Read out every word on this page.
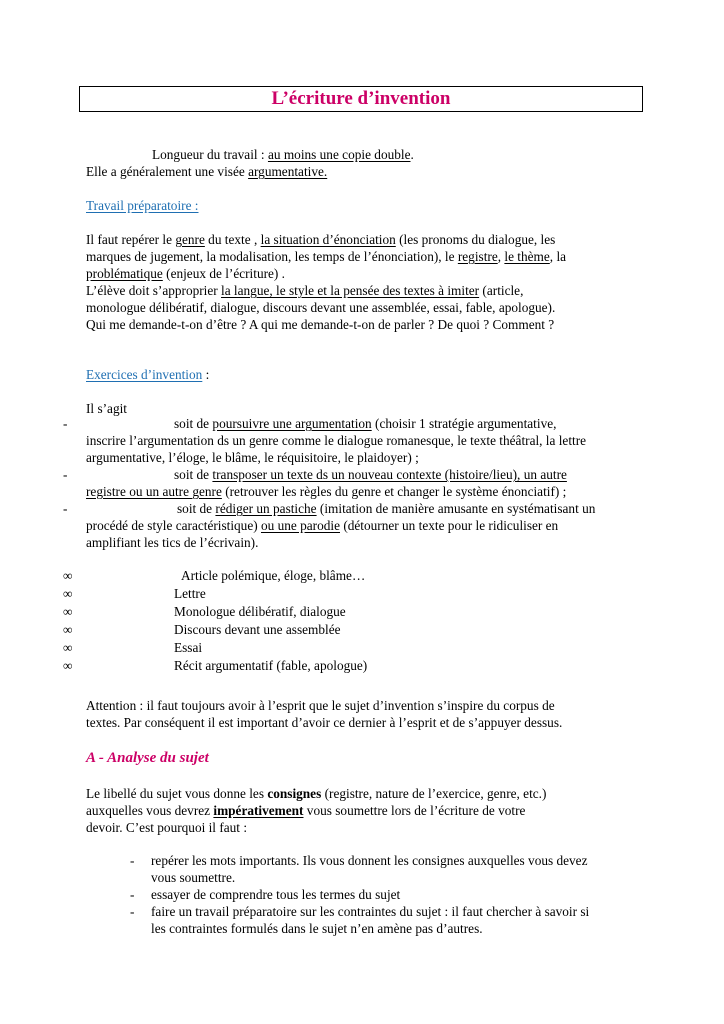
L’écriture d’invention
Longueur du travail : au moins une copie double.
Elle a généralement une visée argumentative.
Travail préparatoire :
Il faut repérer le genre du texte , la situation d’énonciation (les pronoms du dialogue, les
marques de jugement, la modalisation, les temps de l’énonciation), le registre, le thème, la
problématique (enjeux de l’écriture) .
L’élève doit s’approprier la langue, le style et la pensée des textes à imiter (article,
monologue délibératif, dialogue, discours devant une assemblée, essai, fable, apologue).
Qui me demande-t-on d’être ? A qui me demande-t-on de parler ? De quoi ? Comment ?
Exercices d’invention :
Il s’agit
-	soit de poursuivre une argumentation (choisir 1 stratégie argumentative,
inscrire l’argumentation ds un genre comme le dialogue romanesque, le texte théâtral, la lettre
argumentative, l’éloge, le blâme, le réquisitoire, le plaidoyer) ;
-	soit de transposer un texte ds un nouveau contexte (histoire/lieu), un autre
registre ou un autre genre (retrouver les règles du genre et changer le système énonciatif) ;
-	soit de rédiger un pastiche (imitation de manière amusante en systématisant un
procédé de style caractéristique) ou une parodie (détourner un texte pour le ridiculiser en
amplifiant les tics de l’écrivain).
∞	Article polémique, éloge, blâme…
∞	Lettre
∞	Monologue délibératif, dialogue
∞	Discours devant une assemblée
∞	Essai
∞	Récit argumentatif (fable, apologue)
Attention : il faut toujours avoir à l’esprit que le sujet d’invention s’inspire du corpus de
textes. Par conséquent il est important d’avoir ce dernier à l’esprit et de s’appuyer dessus.
A - Analyse du sujet
Le libellé du sujet vous donne les consignes (registre, nature de l’exercice, genre, etc.)
auxquelles vous devrez impérativement vous soumettre lors de l’écriture de votre
devoir. C’est pourquoi il faut :
- repérer les mots importants. Ils vous donnent les consignes auxquelles vous devez
vous soumettre.
- essayer de comprendre tous les termes du sujet
- faire un travail préparatoire sur les contraintes du sujet : il faut chercher à savoir si
les contraintes formulés dans le sujet n’en amène pas d’autres.
